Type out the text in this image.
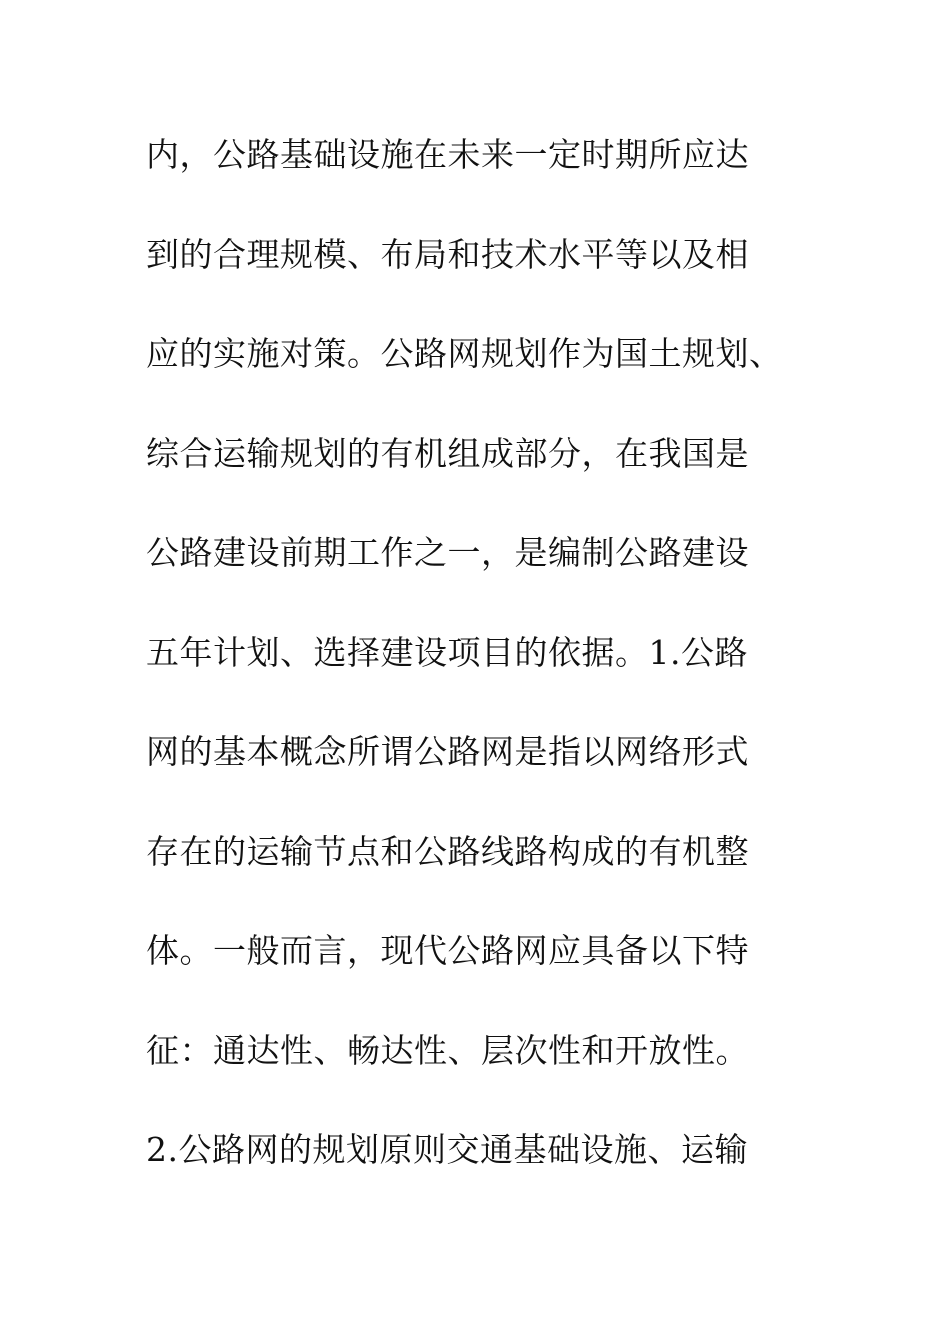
内，公路基础设施在未来一定时期所应达
到的合理规模、布局和技术水平等以及相
应的实施对策。公路网规划作为国土规划、
综合运输规划的有机组成部分，在我国是
公路建设前期工作之一，是编制公路建设
五年计划、选择建设项目的依据。1.公路
网的基本概念所谓公路网是指以网络形式
存在的运输节点和公路线路构成的有机整
体。一般而言，现代公路网应具备以下特
征：通达性、畅达性、层次性和开放性。
2.公路网的规划原则交通基础设施、运输
